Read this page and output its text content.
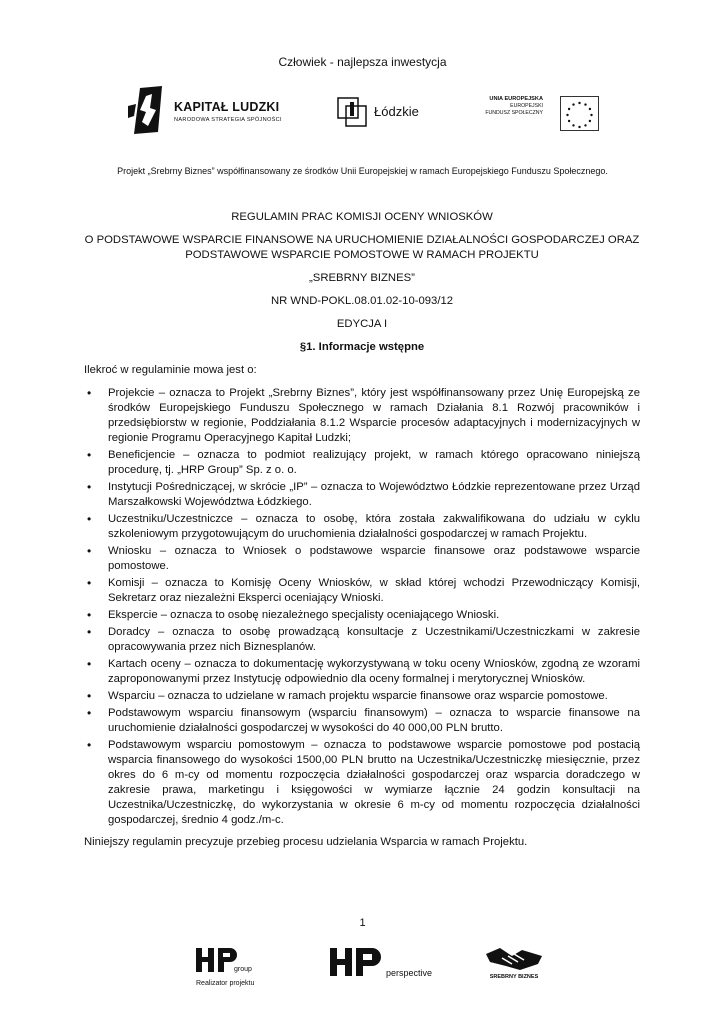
Człowiek - najlepsza inwestycja
KAPITAŁ LUDZKI
NARODOWA STRATEGIA SPÓJNOŚCI
Łódzkie
UNIA EUROPEJSKA
EUROPEJSKI
FUNDUSZ SPOŁECZNY
Projekt „Srebrny Biznes” współfinansowany ze środków Unii Europejskiej w ramach Europejskiego Funduszu Społecznego.
REGULAMIN PRAC KOMISJI OCENY WNIOSKÓW
O PODSTAWOWE WSPARCIE FINANSOWE NA URUCHOMIENIE DZIAŁALNOŚCI GOSPODARCZEJ ORAZ PODSTAWOWE WSPARCIE POMOSTOWE W RAMACH PROJEKTU
„SREBRNY BIZNES”
NR WND-POKL.08.01.02-10-093/12
EDYCJA I
§1. Informacje wstępne
Ilekroć w regulaminie mowa jest o:
• Projekcie – oznacza to Projekt „Srebrny Biznes”, który jest współfinansowany przez Unię Europejską ze środków Europejskiego Funduszu Społecznego w ramach Działania 8.1 Rozwój pracowników i przedsiębiorstw w regionie, Poddziałania 8.1.2 Wsparcie procesów adaptacyjnych i modernizacyjnych w regionie Programu Operacyjnego Kapitał Ludzki;
• Beneficjencie – oznacza to podmiot realizujący projekt, w ramach którego opracowano niniejszą procedurę, tj. „HRP Group” Sp. z o. o.
• Instytucji Pośredniczącej, w skrócie „IP” – oznacza to Województwo Łódzkie reprezentowane przez Urząd Marszałkowski Województwa Łódzkiego.
• Uczestniku/Uczestniczce – oznacza to osobę, która została zakwalifikowana do udziału w cyklu szkoleniowym przygotowującym do uruchomienia działalności gospodarczej w ramach Projektu.
• Wniosku – oznacza to Wniosek o podstawowe wsparcie finansowe oraz podstawowe wsparcie pomostowe.
• Komisji – oznacza to Komisję Oceny Wniosków, w skład której wchodzi Przewodniczący Komisji, Sekretarz oraz niezależni Eksperci oceniający Wnioski.
• Ekspercie – oznacza to osobę niezależnego specjalisty oceniającego Wnioski.
• Doradcy – oznacza to osobę prowadzącą konsultacje z Uczestnikami/Uczestniczkami w zakresie opracowywania przez nich Biznesplanów.
• Kartach oceny – oznacza to dokumentację wykorzystywaną w toku oceny Wniosków, zgodną ze wzorami zaproponowanymi przez Instytucję odpowiednio dla oceny formalnej i merytorycznej Wniosków.
• Wsparciu – oznacza to udzielane w ramach projektu wsparcie finansowe oraz wsparcie pomostowe.
• Podstawowym wsparciu finansowym (wsparciu finansowym) – oznacza to wsparcie finansowe na uruchomienie działalności gospodarczej w wysokości do 40 000,00 PLN brutto.
• Podstawowym wsparciu pomostowym – oznacza to podstawowe wsparcie pomostowe pod postacią wsparcia finansowego do wysokości 1500,00 PLN brutto na Uczestnika/Uczestniczkę miesięcznie, przez okres do 6 m-cy od momentu rozpoczęcia działalności gospodarczej oraz wsparcia doradczego w zakresie prawa, marketingu i księgowości w wymiarze łącznie 24 godzin konsultacji na Uczestnika/Uczestniczkę, do wykorzystania w okresie 6 m-cy od momentu rozpoczęcia działalności gospodarczej, średnio 4 godz./m-c.
Niniejszy regulamin precyzuje przebieg procesu udzielania Wsparcia w ramach Projektu.
1
group
Realizator projektu
perspective	SREBRNY BIZNES
